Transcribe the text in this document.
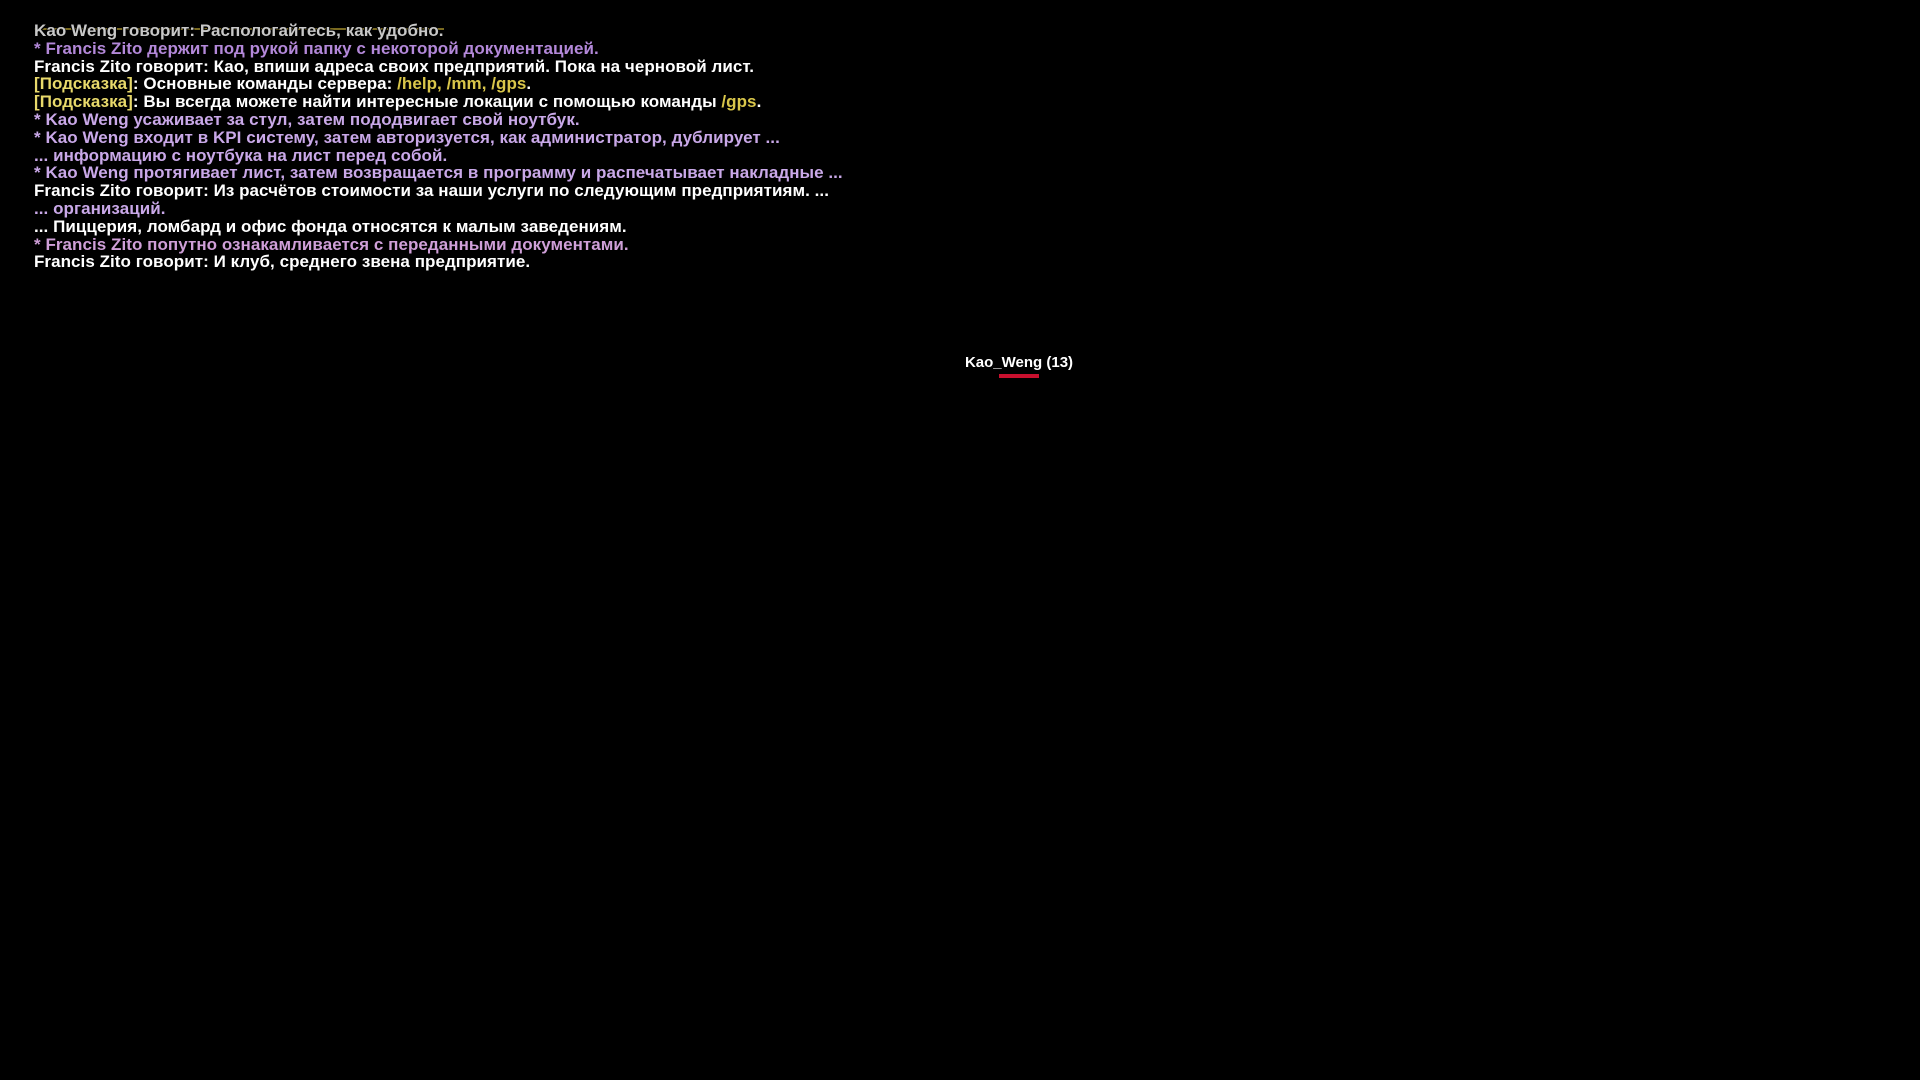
Kao Weng говорит: Распологайтесь, как удобно.
* Francis Zito держит под рукой папку с некоторой документацией.
Francis Zito говорит: Као, впиши адреса своих предприятий. Пока на черновой лист.
[Подсказка]: Основные команды сервера: /help, /mm, /gps.
[Подсказка]: Вы всегда можете найти интересные локации с помощью команды /gps.
* Kao Weng усаживает за стул, затем пододвигает свой ноутбук.
* Kao Weng входит в KPI систему, затем авторизуется, как администратор, дублирует ...
... информацию с ноутбука на лист перед собой.
* Kao Weng протягивает лист, затем возвращается в программу и распечатывает накладные ...
Francis Zito говорит: Из расчётов стоимости за наши услуги по следующим предприятиям. ...
... организаций.
... Пиццерия, ломбард и офис фонда относятся к малым заведениям.
* Francis Zito попутно ознакамливается с переданными документами.
Francis Zito говорит: И клуб, среднего звена предприятие.
Kao_Weng (13)
